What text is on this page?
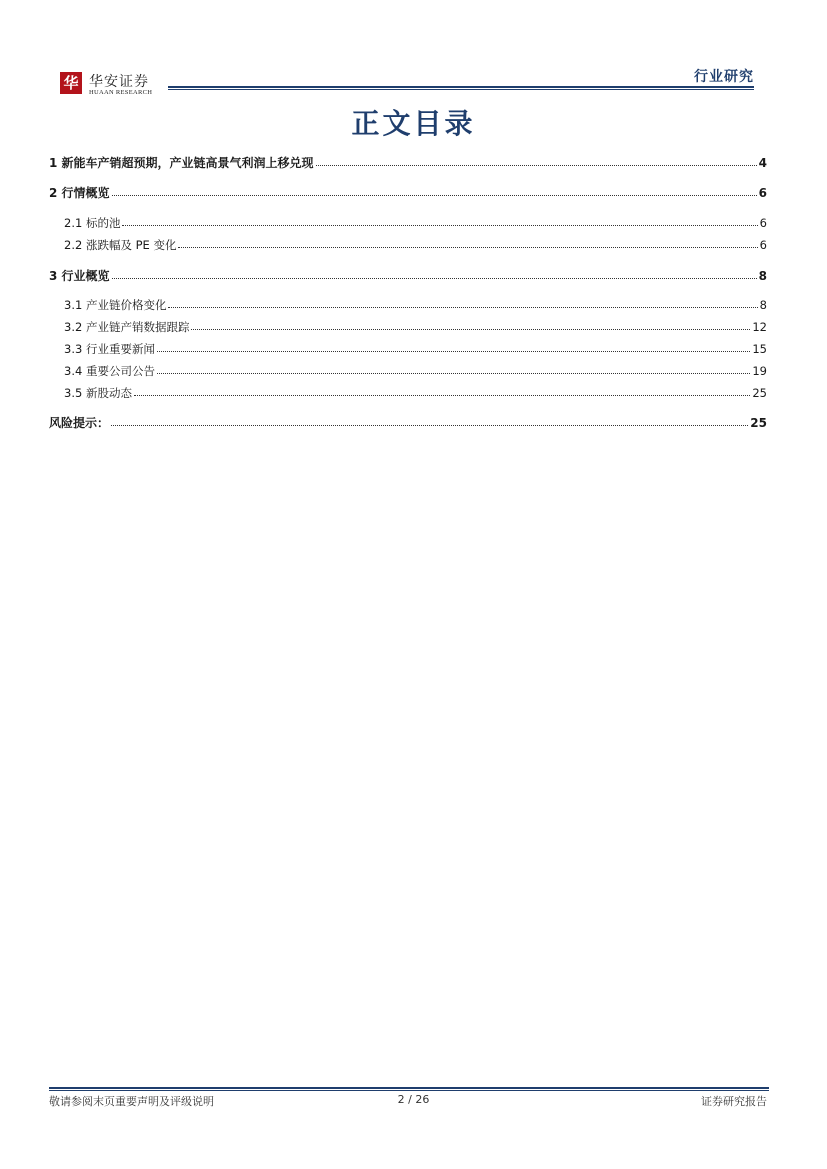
华 华安证券
HUAAN RESEARCH
行业研究
正文目录
1 新能车产销超预期，产业链高景气利润上移兑现	4
2 行情概览	6
2.1 标的池	6
2.2 涨跌幅及 PE 变化	6
3 行业概览	8
3.1 产业链价格变化	8
3.2 产业链产销数据跟踪	12
3.3 行业重要新闻	15
3.4 重要公司公告	19
3.5 新股动态	25
风险提示：	25
敬请参阅末页重要声明及评级说明	2 / 26	证券研究报告
